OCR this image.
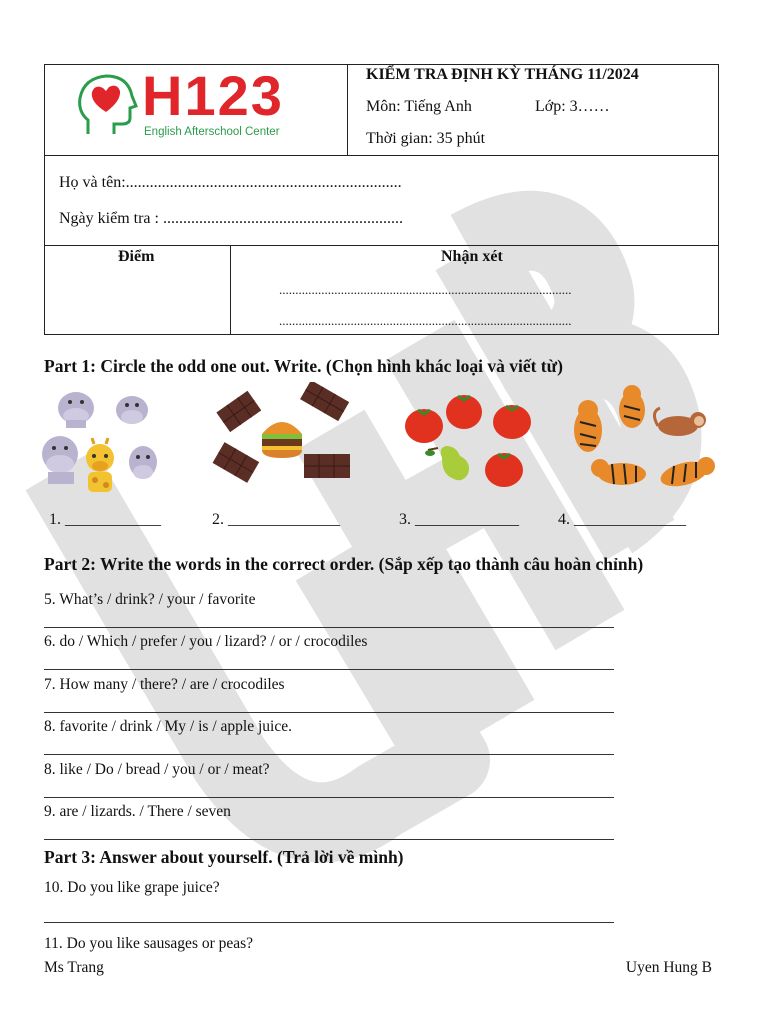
H123
English Afterschool Center
KIỂM TRA ĐỊNH KỲ THÁNG 11/2024
Môn: Tiếng Anh	Lớp: 3……
Thời gian: 35 phút
Họ và tên:.....................................................................
Ngày kiểm tra : ............................................................
Điểm	Nhận xét
..........................................................................................
..........................................................................................
Part 1: Circle the odd one out. Write. (Chọn hình khác loại và viết từ)
1. ____________	2. ______________	3. _____________ 4. ______________
Part 2: Write the words in the correct order. (Sắp xếp tạo thành câu hoàn chỉnh)
5. What’s / drink? / your / favorite
6. do / Which / prefer / you / lizard? / or / crocodiles
7. How many / there? / are / crocodiles
8. favorite / drink / My / is / apple juice.
8. like / Do / bread / you / or / meat?
9. are / lizards. / There / seven
Part 3: Answer about yourself. (Trả lời về mình)
10. Do you like grape juice?
11. Do you like sausages or peas?
Ms Trang	Uyen Hung B
